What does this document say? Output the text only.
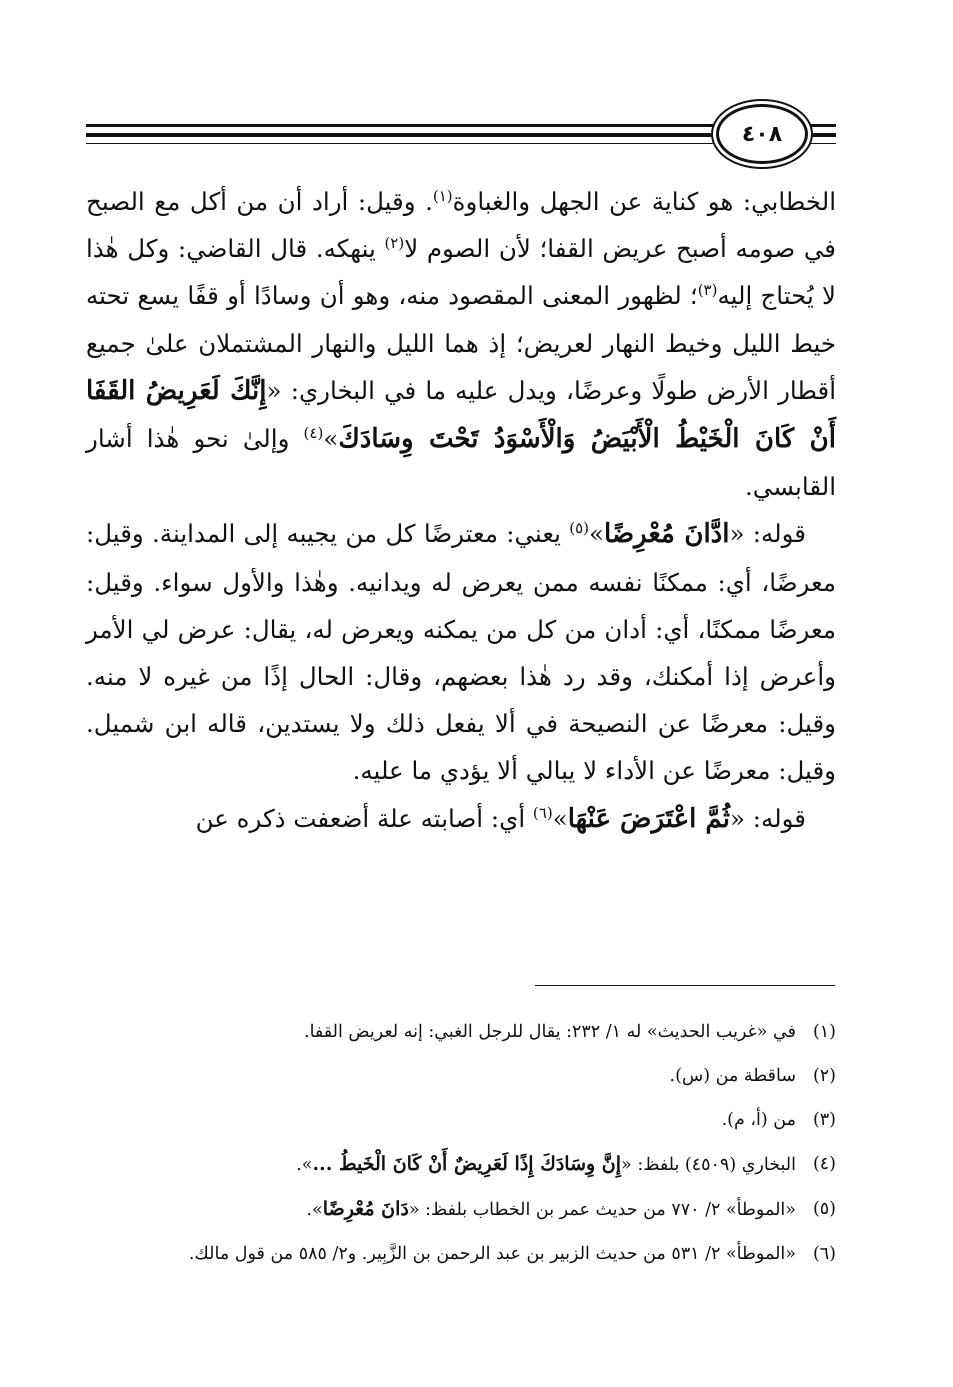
٤٠٨

الخطابي: هو كناية عن الجهل والغباوة$^{(١)}$. وقيل: أراد أن من أكل مع الصبح في صومه أصبح عريض القفا؛ لأن الصوم لا$^{(٢)}$ ينهكه. قال القاضي: وكل هٰذا لا يُحتاج إليه$^{(٣)}$؛ لظهور المعنى المقصود منه، وهو أن وسادًا أو قفًا يسع تحته خيط الليل وخيط النهار لعريض؛ إذ هما الليل والنهار المشتملان علىٰ جميع أقطار الأرض طولًا وعرضًا، ويدل عليه ما في البخاري: «إِنَّكَ لَعَرِيضُ القَفَا أَنْ كَانَ الْخَيْطُ الْأَبْيَضُ وَالْأَسْوَدُ تَحْتَ وِسَادَكَ»$^{(٤)}$ وإلىٰ نحو هٰذا أشار القابسي.

قوله: «ادَّانَ مُعْرِضًا»$^{(٥)}$ يعني: معترضًا كل من يجيبه إلى المداينة. وقيل: معرضًا، أي: ممكنًا نفسه ممن يعرض له ويدانيه. وهٰذا والأول سواء. وقيل: معرضًا ممكنًا، أي: أدان من كل من يمكنه ويعرض له، يقال: عرض لي الأمر وأعرض إذا أمكنك، وقد رد هٰذا بعضهم، وقال: الحال إذًا من غيره لا منه. وقيل: معرضًا عن النصيحة في ألا يفعل ذلك ولا يستدين، قاله ابن شميل. وقيل: معرضًا عن الأداء لا يبالي ألا يؤدي ما عليه.

قوله: «ثُمَّ اعْتَرَضَ عَنْهَا»$^{(٦)}$ أي: أصابته علة أضعفت ذكره عن

(١)
في «غريب الحديث» له ١/ ٢٣٢: يقال للرجل الغبي: إنه لعريض القفا.
(٢)
ساقطة من (س).
(٣)
من (أ، م).
(٤)
البخاري (٤٥٠٩) بلفظ: «إِنَّ وِسَادَكَ إِذًا لَعَرِيضٌ أَنْ كَانَ الْخَيطُ ...».
(٥)
«الموطأ» ٢/ ٧٧٠ من حديث عمر بن الخطاب بلفظ: «دَانَ مُعْرِضًا».
(٦)
«الموطأ» ٢/ ٥٣١ من حديث الزبير بن عبد الرحمن بن الزَّبِير. و٢/ ٥٨٥ من قول مالك.
